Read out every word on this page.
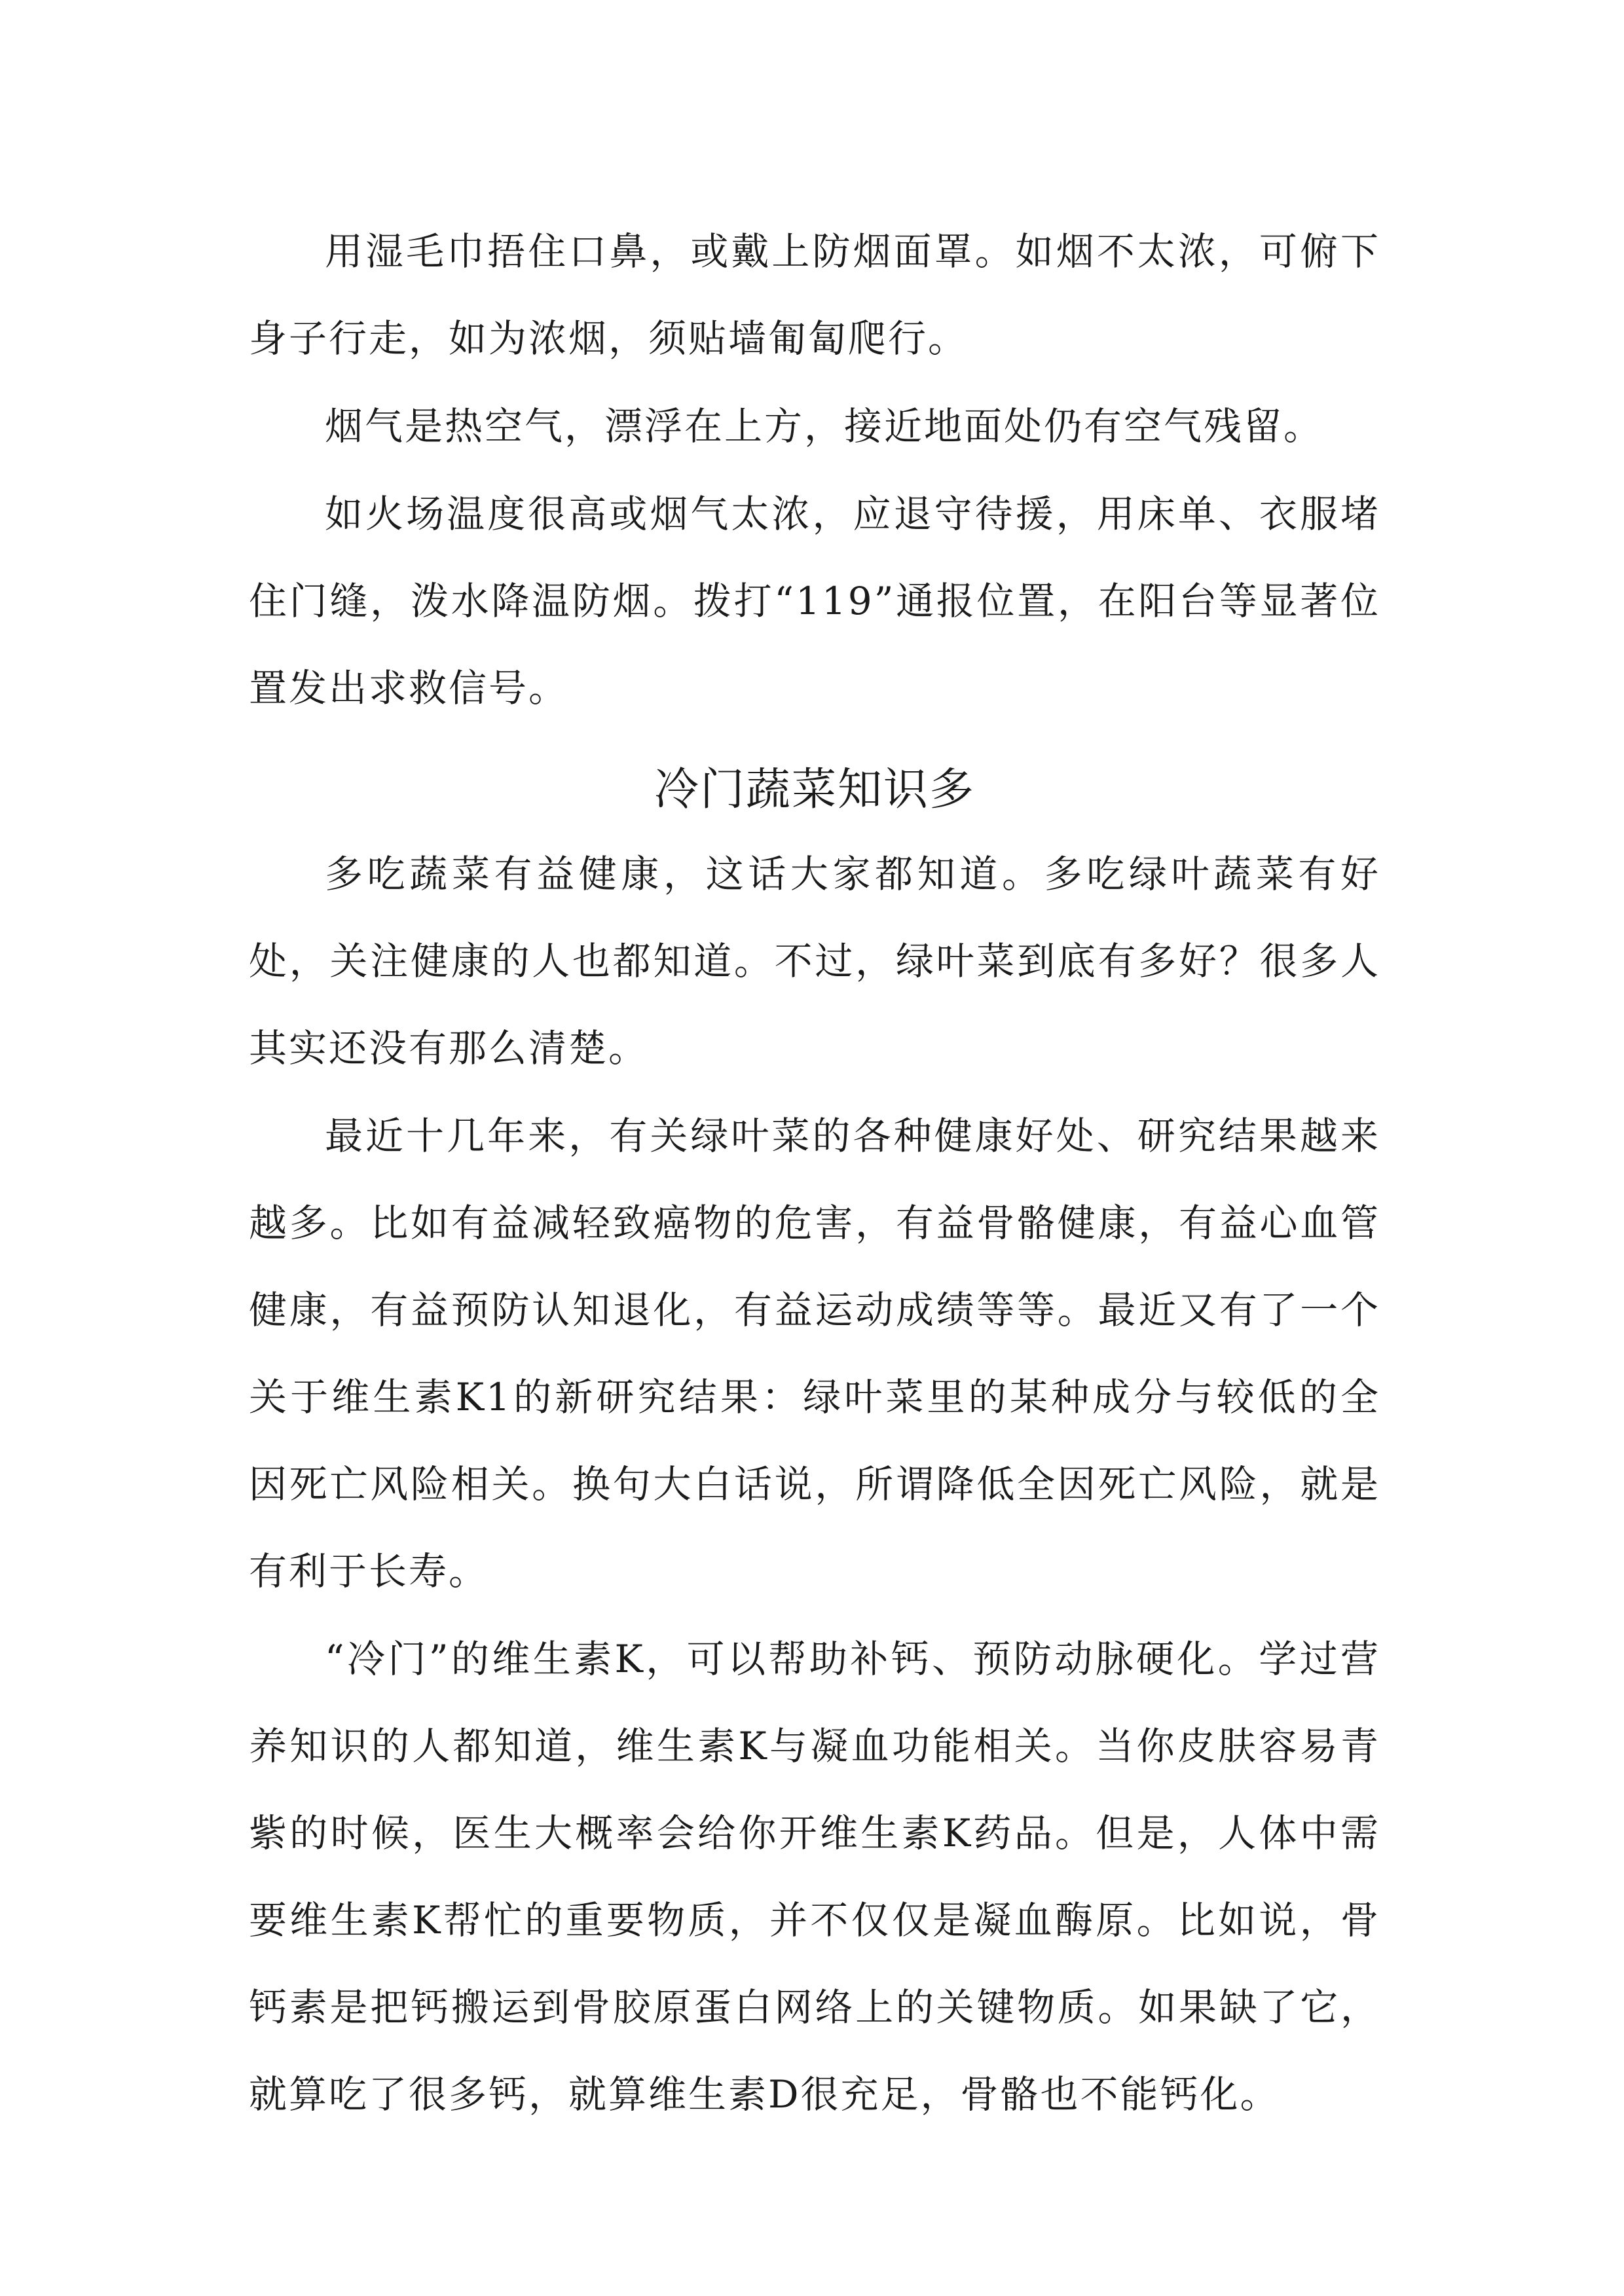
用湿毛巾捂住口鼻，或戴上防烟面罩。如烟不太浓，可俯下身子行走，如为浓烟，须贴墙匍匐爬行。

烟气是热空气，漂浮在上方，接近地面处仍有空气残留。

如火场温度很高或烟气太浓，应退守待援，用床单、衣服堵住门缝，泼水降温防烟。拨打“119”通报位置，在阳台等显著位置发出求救信号。

冷门蔬菜知识多

多吃蔬菜有益健康，这话大家都知道。多吃绿叶蔬菜有好处，关注健康的人也都知道。不过，绿叶菜到底有多好？很多人其实还没有那么清楚。

最近十几年来，有关绿叶菜的各种健康好处、研究结果越来越多。比如有益减轻致癌物的危害，有益骨骼健康，有益心血管健康，有益预防认知退化，有益运动成绩等等。最近又有了一个关于维生素K1的新研究结果：绿叶菜里的某种成分与较低的全因死亡风险相关。换句大白话说，所谓降低全因死亡风险，就是有利于长寿。

“冷门”的维生素K，可以帮助补钙、预防动脉硬化。学过营养知识的人都知道，维生素K与凝血功能相关。当你皮肤容易青紫的时候，医生大概率会给你开维生素K药品。但是，人体中需要维生素K帮忙的重要物质，并不仅仅是凝血酶原。比如说，骨钙素是把钙搬运到骨胶原蛋白网络上的关键物质。如果缺了它，就算吃了很多钙，就算维生素D很充足，骨骼也不能钙化。
